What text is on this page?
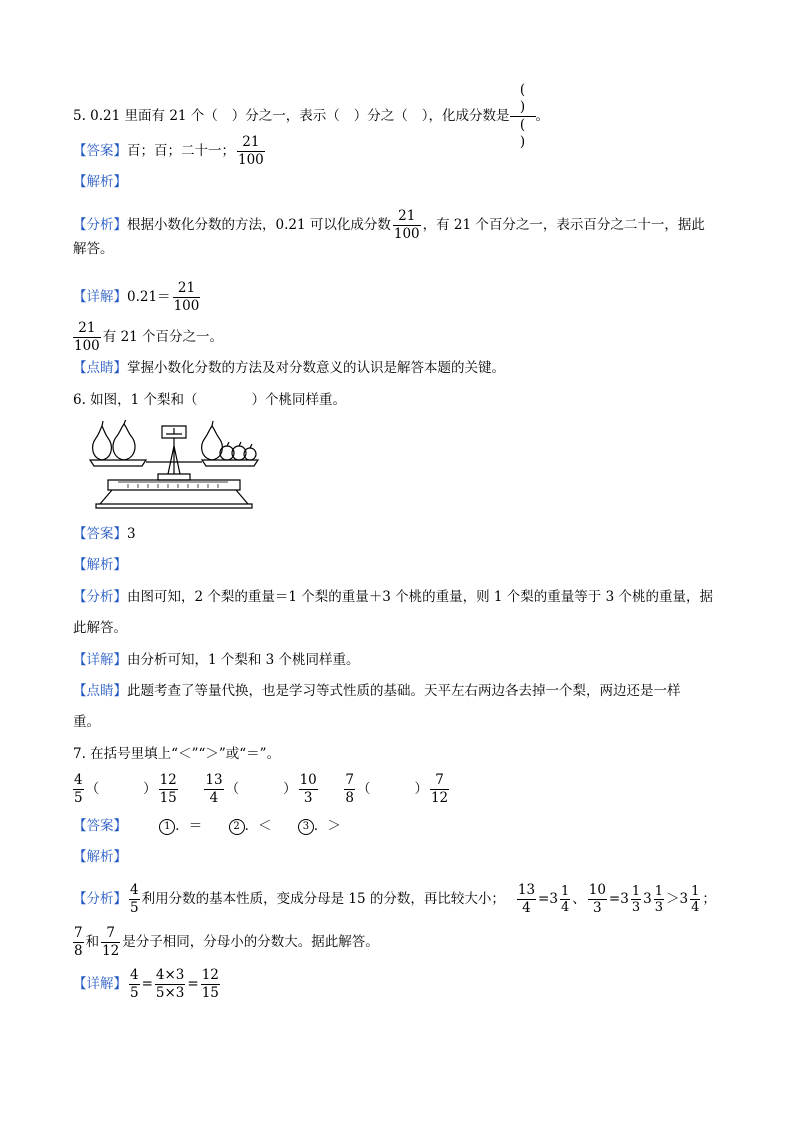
5. 0.21 里面有 21 个（ ）分之一，表示（ ）分之（ ），化成分数是 (
)
(
) 。
【答案】百；百；二十一； $\frac{21}{100}$
【解析】
【分析】根据小数化分数的方法，0.21 可以化成分数 $\frac{21}{100}$ ，有 21 个百分之一，表示百分之二十一，据此
解答。
【详解】$0.21= \frac{21}{100}$
$\frac{21}{100}$ 有 21 个百分之一。
【点睛】掌握小数化分数的方法及对分数意义的认识是解答本题的关键。
6. 如图，1 个梨和（	）个桃同样重。
【答案】3
【解析】
【分析】由图可知，2 个梨的重量＝1 个梨的重量＋3 个桃的重量，则 1 个梨的重量等于 3 个桃的重量，据
此解答。
【详解】由分析可知，1 个梨和 3 个桃同样重。
【点睛】此题考查了等量代换，也是学习等式性质的基础。天平左右两边各去掉一个梨，两边还是一样
重。
7. 在括号里填上“＜”“＞”或“＝”。
$\frac{4}{5}$ （	） $\frac{12}{15}$
$\frac{13}{4}$ （	） $\frac{10}{3}$
$\frac{7}{8}$ （	） $\frac{7}{12}$
【答案】	1 ．＝	2 ．＜	3 ．＞
【解析】
【分析】 $\frac{4}{5}$ 利用分数的基本性质，变成分母是 15 的分数，再比较大小； $\frac{13}{4} =3 \frac{1}{4}$ 、 $\frac{10}{3} =3 \frac{1}{3} 3 \frac{1}{3} >3 \frac{1}{4}$ ；
$\frac{7}{8}$ 和 $\frac{7}{12}$ 是分子相同，分母小的分数大。据此解答。
【详解】 $\frac{4}{5} = \frac{4\times 3}{5\times 3} = \frac{12}{15}$
